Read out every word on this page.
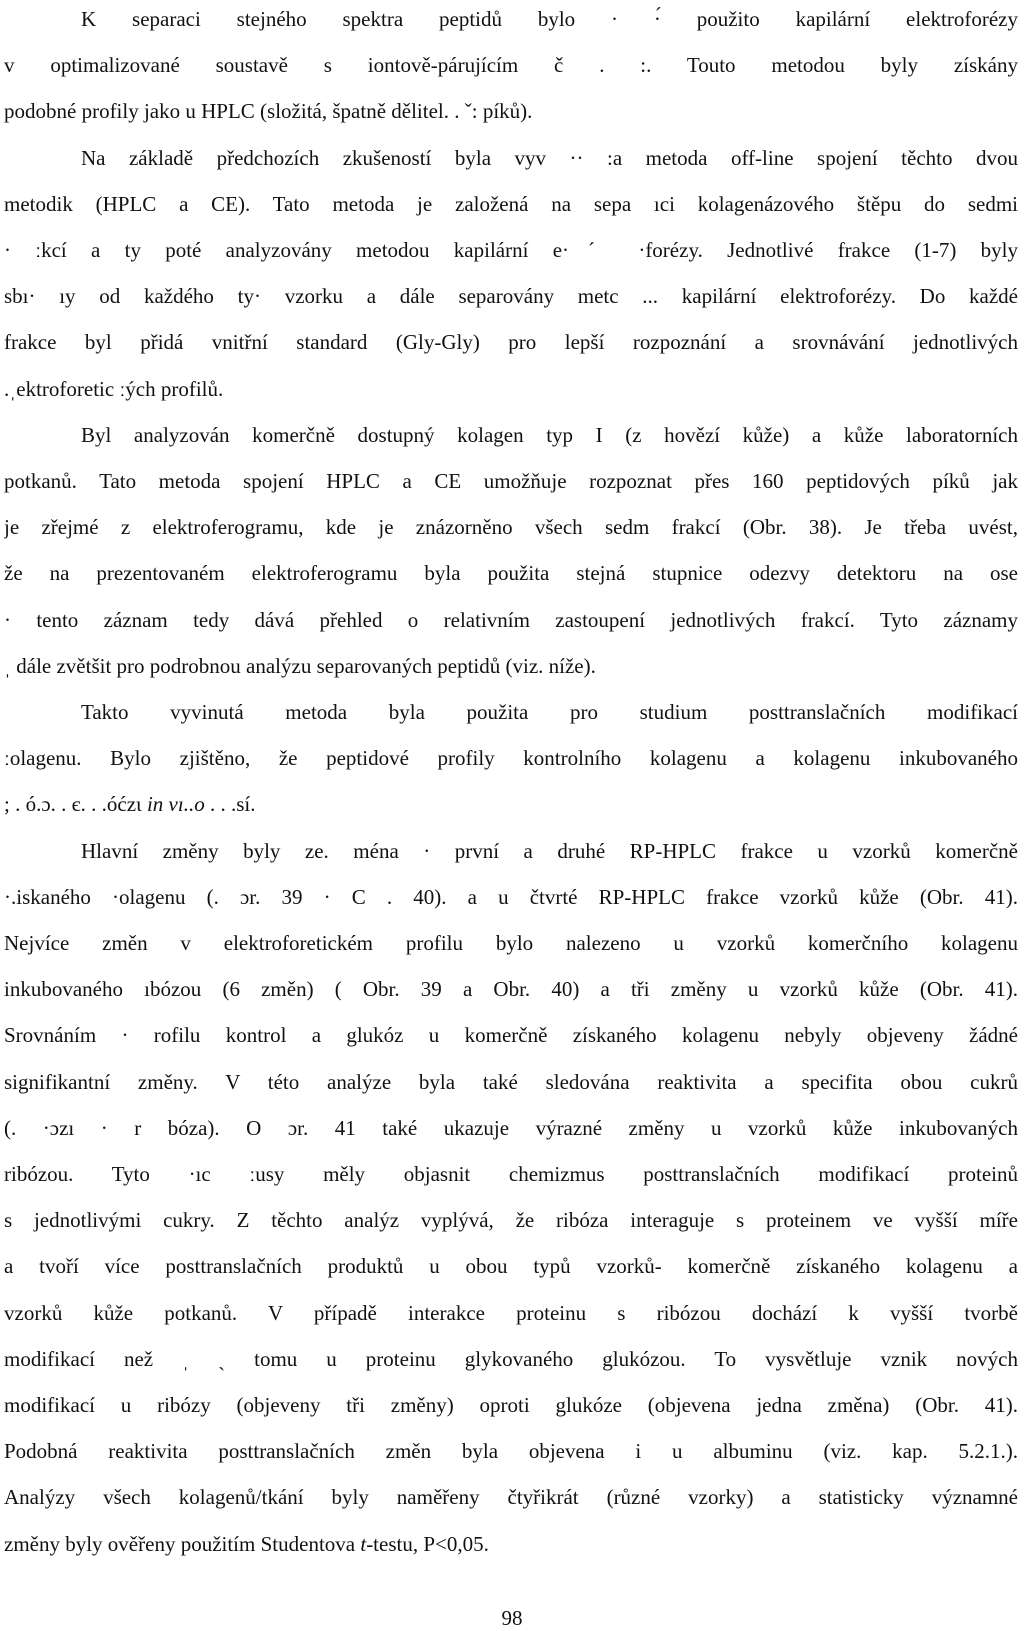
K separaci stejného spektra peptidů bylo · ·́ použito kapilární elektroforézy
v optimalizované soustavě s iontově-párujícím č . :. Touto metodou byly získány
podobné profily jako u HPLC (složitá, špatně dělitel. . ˇ: píků).
Na základě předchozích zkušeností byla vyv ·· :a metoda off-line spojení těchto dvou
metodik (HPLC a CE). Tato metoda je založená na sepa ıci kolagenázového štěpu do sedmi
· ːkcí a ty poté analyzovány metodou kapilární e·ˊ ·forézy. Jednotlivé frakce (1-7) byly
sbı· ıy od každého ty· vzorku a dále separovány metc ... kapilární elektroforézy. Do každé
frakce byl přidá vnitřní standard (Gly-Gly) pro lepší rozpoznání a srovnávání jednotlivých
.ˌektroforetic ːých profilů.
Byl analyzován komerčně dostupný kolagen typ I (z hovězí kůže) a kůže laboratorních
potkanů. Tato metoda spojení HPLC a CE umožňuje rozpoznat přes 160 peptidových píků jak
je zřejmé z elektroferogramu, kde je znázorněno všech sedm frakcí (Obr. 38). Je třeba uvést,
že na prezentovaném elektroferogramu byla použita stejná stupnice odezvy detektoru na ose
· tento záznam tedy dává přehled o relativním zastoupení jednotlivých frakcí. Tyto záznamy
ˌ dále zvětšit pro podrobnou analýzu separovaných peptidů (viz. níže).
Takto vyvinutá metoda byla použita pro studium posttranslačních modifikací
ːolagenu. Bylo zjištěno, že peptidové profily kontrolního kolagenu a kolagenu inkubovaného
; . ó.ɔ. . є. . .óćzι in vı..o . . .sí.
Hlavní změny byly ze. ména · první a druhé RP-HPLC frakce u vzorků komerčně
·.iskaného ·olagenu (. ɔr. 39 · C . 40). a u čtvrté RP-HPLC frakce vzorků kůže (Obr. 41).
Nejvíce změn v elektroforetickém profilu bylo nalezeno u vzorků komerčního kolagenu
inkubovaného ıbózou (6 změn) ( Obr. 39 a Obr. 40) a tři změny u vzorků kůže (Obr. 41).
Srovnáním · rofilu kontrol a glukóz u komerčně získaného kolagenu nebyly objeveny žádné
signifikantní změny. V této analýze byla také sledována reaktivita a specifita obou cukrů
(. ·ɔzı · r bóza). O ɔr. 41 také ukazuje výrazné změny u vzorků kůže inkubovaných
ribózou. Tyto ·ıc ːusy měly objasnit chemizmus posttranslačních modifikací proteinů
s jednotlivými cukry. Z těchto analýz vyplývá, že ribóza interaguje s proteinem ve vyšší míře
a tvoří více posttranslačních produktů u obou typů vzorků- komerčně získaného kolagenu a
vzorků kůže potkanů. V případě interakce proteinu s ribózou dochází k vyšší tvorbě
modifikací než ˌ ˏ tomu u proteinu glykovaného glukózou. To vysvětluje vznik nových
modifikací u ribózy (objeveny tři změny) oproti glukóze (objevena jedna změna) (Obr. 41).
Podobná reaktivita posttranslačních změn byla objevena i u albuminu (viz. kap. 5.2.1.).
Analýzy všech kolagenů/tkání byly naměřeny čtyřikrát (různé vzorky) a statisticky významné
změny byly ověřeny použitím Studentova t-testu, P<0,05.
98
